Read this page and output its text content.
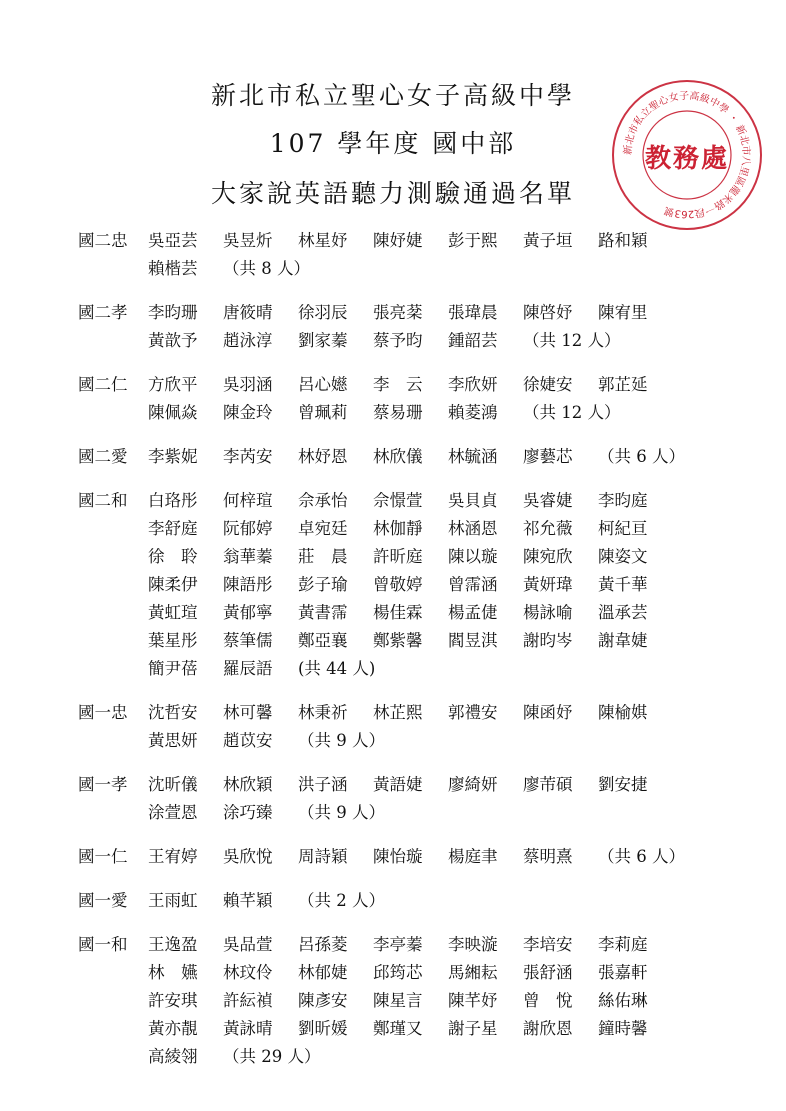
新北市私立聖心女子高級中學
107 學年度 國中部
大家說英語聽力測驗通過名單
新北市私立聖心女子高級中學 ・ 新北市八里區龍米路一段263號
教務處
國二忠 吳亞芸 吳昱炘 林星妤 陳妤婕 彭于熙 黃子垣 路和穎
賴楷芸 （共 8 人）
國二孝 李昀珊 唐筱晴 徐羽辰 張亮棻 張瑋晨 陳啓妤 陳宥里
黃歆予 趙泳淳 劉家蓁 蔡予昀 鍾韶芸 （共 12 人）
國二仁 方欣平 吳羽涵 呂心嬨 李　云 李欣妍 徐婕安 郭芷延
陳佩焱 陳金玲 曾珮莉 蔡易珊 賴菱鴻 （共 12 人）
國二愛 李紫妮 李芮安 林妤恩 林欣儀 林毓涵 廖藝芯 （共 6 人）
國二和 白珞彤 何梓瑄 佘承怡 佘憬萱 吳貝貞 吳睿婕 李昀庭
李舒庭 阮郁婷 卓宛廷 林伽靜 林涵恩 祁允薇 柯紀亘
徐　聆 翁華蓁 莊　晨 許昕庭 陳以璇 陳宛欣 陳姿文
陳柔伊 陳語彤 彭子瑜 曾敬婷 曾霈涵 黃妍瑋 黃千華
黃虹瑄 黃郁寧 黃書霈 楊佳霖 楊孟倢 楊詠喻 溫承芸
葉星彤 蔡筆儒 鄭亞襄 鄭紫馨 閻昱淇 謝昀岑 謝韋婕
簡尹蓓 羅辰語 (共 44 人)
國一忠 沈哲安 林可馨 林秉祈 林芷熙 郭禮安 陳函妤 陳榆娸
黃思妍 趙苡安 （共 9 人）
國一孝 沈昕儀 林欣穎 洪子涵 黃語婕 廖綺妍 廖芾碩 劉安捷
涂萱恩 涂巧臻 （共 9 人）
國一仁 王宥婷 吳欣悅 周詩穎 陳怡璇 楊庭聿 蔡明熹 （共 6 人）
國一愛 王雨虹 賴芊穎 （共 2 人）
國一和 王逸盈 吳品萱 呂孫菱 李亭蓁 李映漩 李培安 李莉庭
林　嬿 林玟伶 林郁婕 邱筠芯 馬緗耘 張舒涵 張嘉軒
許安琪 許紜禎 陳彥安 陳星言 陳芊妤 曾　悅 絲佑琳
黃亦靚 黃詠晴 劉昕媛 鄭瑾又 謝子星 謝欣恩 鐘時馨
高綾翎 （共 29 人）
